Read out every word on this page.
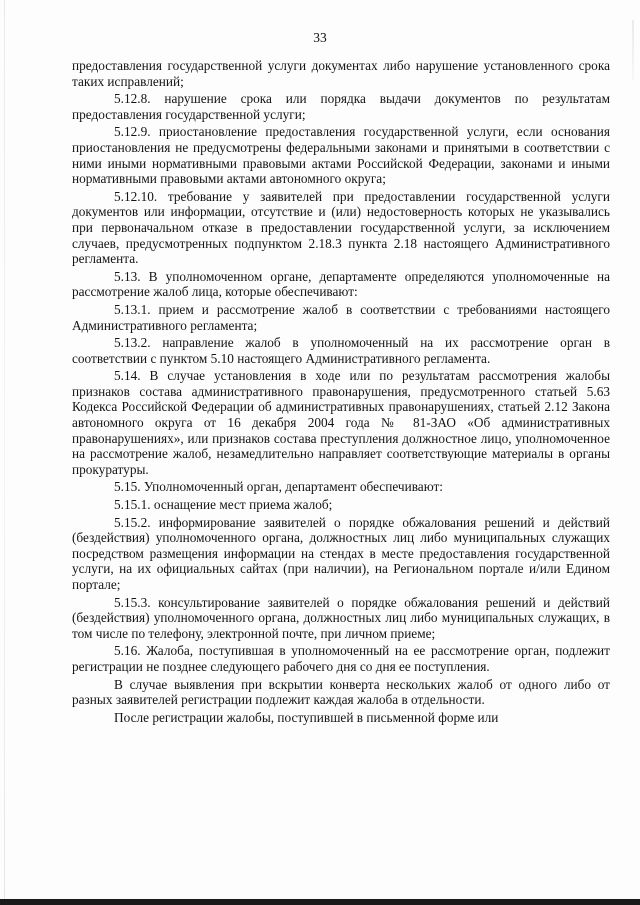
33

предоставления государственной услуги документах либо нарушение установленного срока таких исправлений;

5.12.8. нарушение срока или порядка выдачи документов по результатам предоставления государственной услуги;

5.12.9. приостановление предоставления государственной услуги, если основания приостановления не предусмотрены федеральными законами и принятыми в соответствии с ними иными нормативными правовыми актами Российской Федерации, законами и иными нормативными правовыми актами автономного округа;

5.12.10. требование у заявителей при предоставлении государственной услуги документов или информации, отсутствие и (или) недостоверность которых не указывались при первоначальном отказе в предоставлении государственной услуги, за исключением случаев, предусмотренных подпунктом 2.18.3 пункта 2.18 настоящего Административного регламента.

5.13. В уполномоченном органе, департаменте определяются уполномоченные на рассмотрение жалоб лица, которые обеспечивают:

5.13.1. прием и рассмотрение жалоб в соответствии с требованиями настоящего Административного регламента;

5.13.2. направление жалоб в уполномоченный на их рассмотрение орган в соответствии с пунктом 5.10 настоящего Административного регламента.

5.14. В случае установления в ходе или по результатам рассмотрения жалобы признаков состава административного правонарушения, предусмотренного статьей 5.63 Кодекса Российской Федерации об административных правонарушениях, статьей 2.12 Закона автономного округа от 16 декабря 2004 года № 81-ЗАО «Об административных правонарушениях», или признаков состава преступления должностное лицо, уполномоченное на рассмотрение жалоб, незамедлительно направляет соответствующие материалы в органы прокуратуры.

5.15. Уполномоченный орган, департамент обеспечивают:

5.15.1. оснащение мест приема жалоб;

5.15.2. информирование заявителей о порядке обжалования решений и действий (бездействия) уполномоченного органа, должностных лиц либо муниципальных служащих посредством размещения информации на стендах в месте предоставления государственной услуги, на их официальных сайтах (при наличии), на Региональном портале и/или Едином портале;

5.15.3. консультирование заявителей о порядке обжалования решений и действий (бездействия) уполномоченного органа, должностных лиц либо муниципальных служащих, в том числе по телефону, электронной почте, при личном приеме;

5.16. Жалоба, поступившая в уполномоченный на ее рассмотрение орган, подлежит регистрации не позднее следующего рабочего дня со дня ее поступления.

В случае выявления при вскрытии конверта нескольких жалоб от одного либо от разных заявителей регистрации подлежит каждая жалоба в отдельности.

После регистрации жалобы, поступившей в письменной форме или
